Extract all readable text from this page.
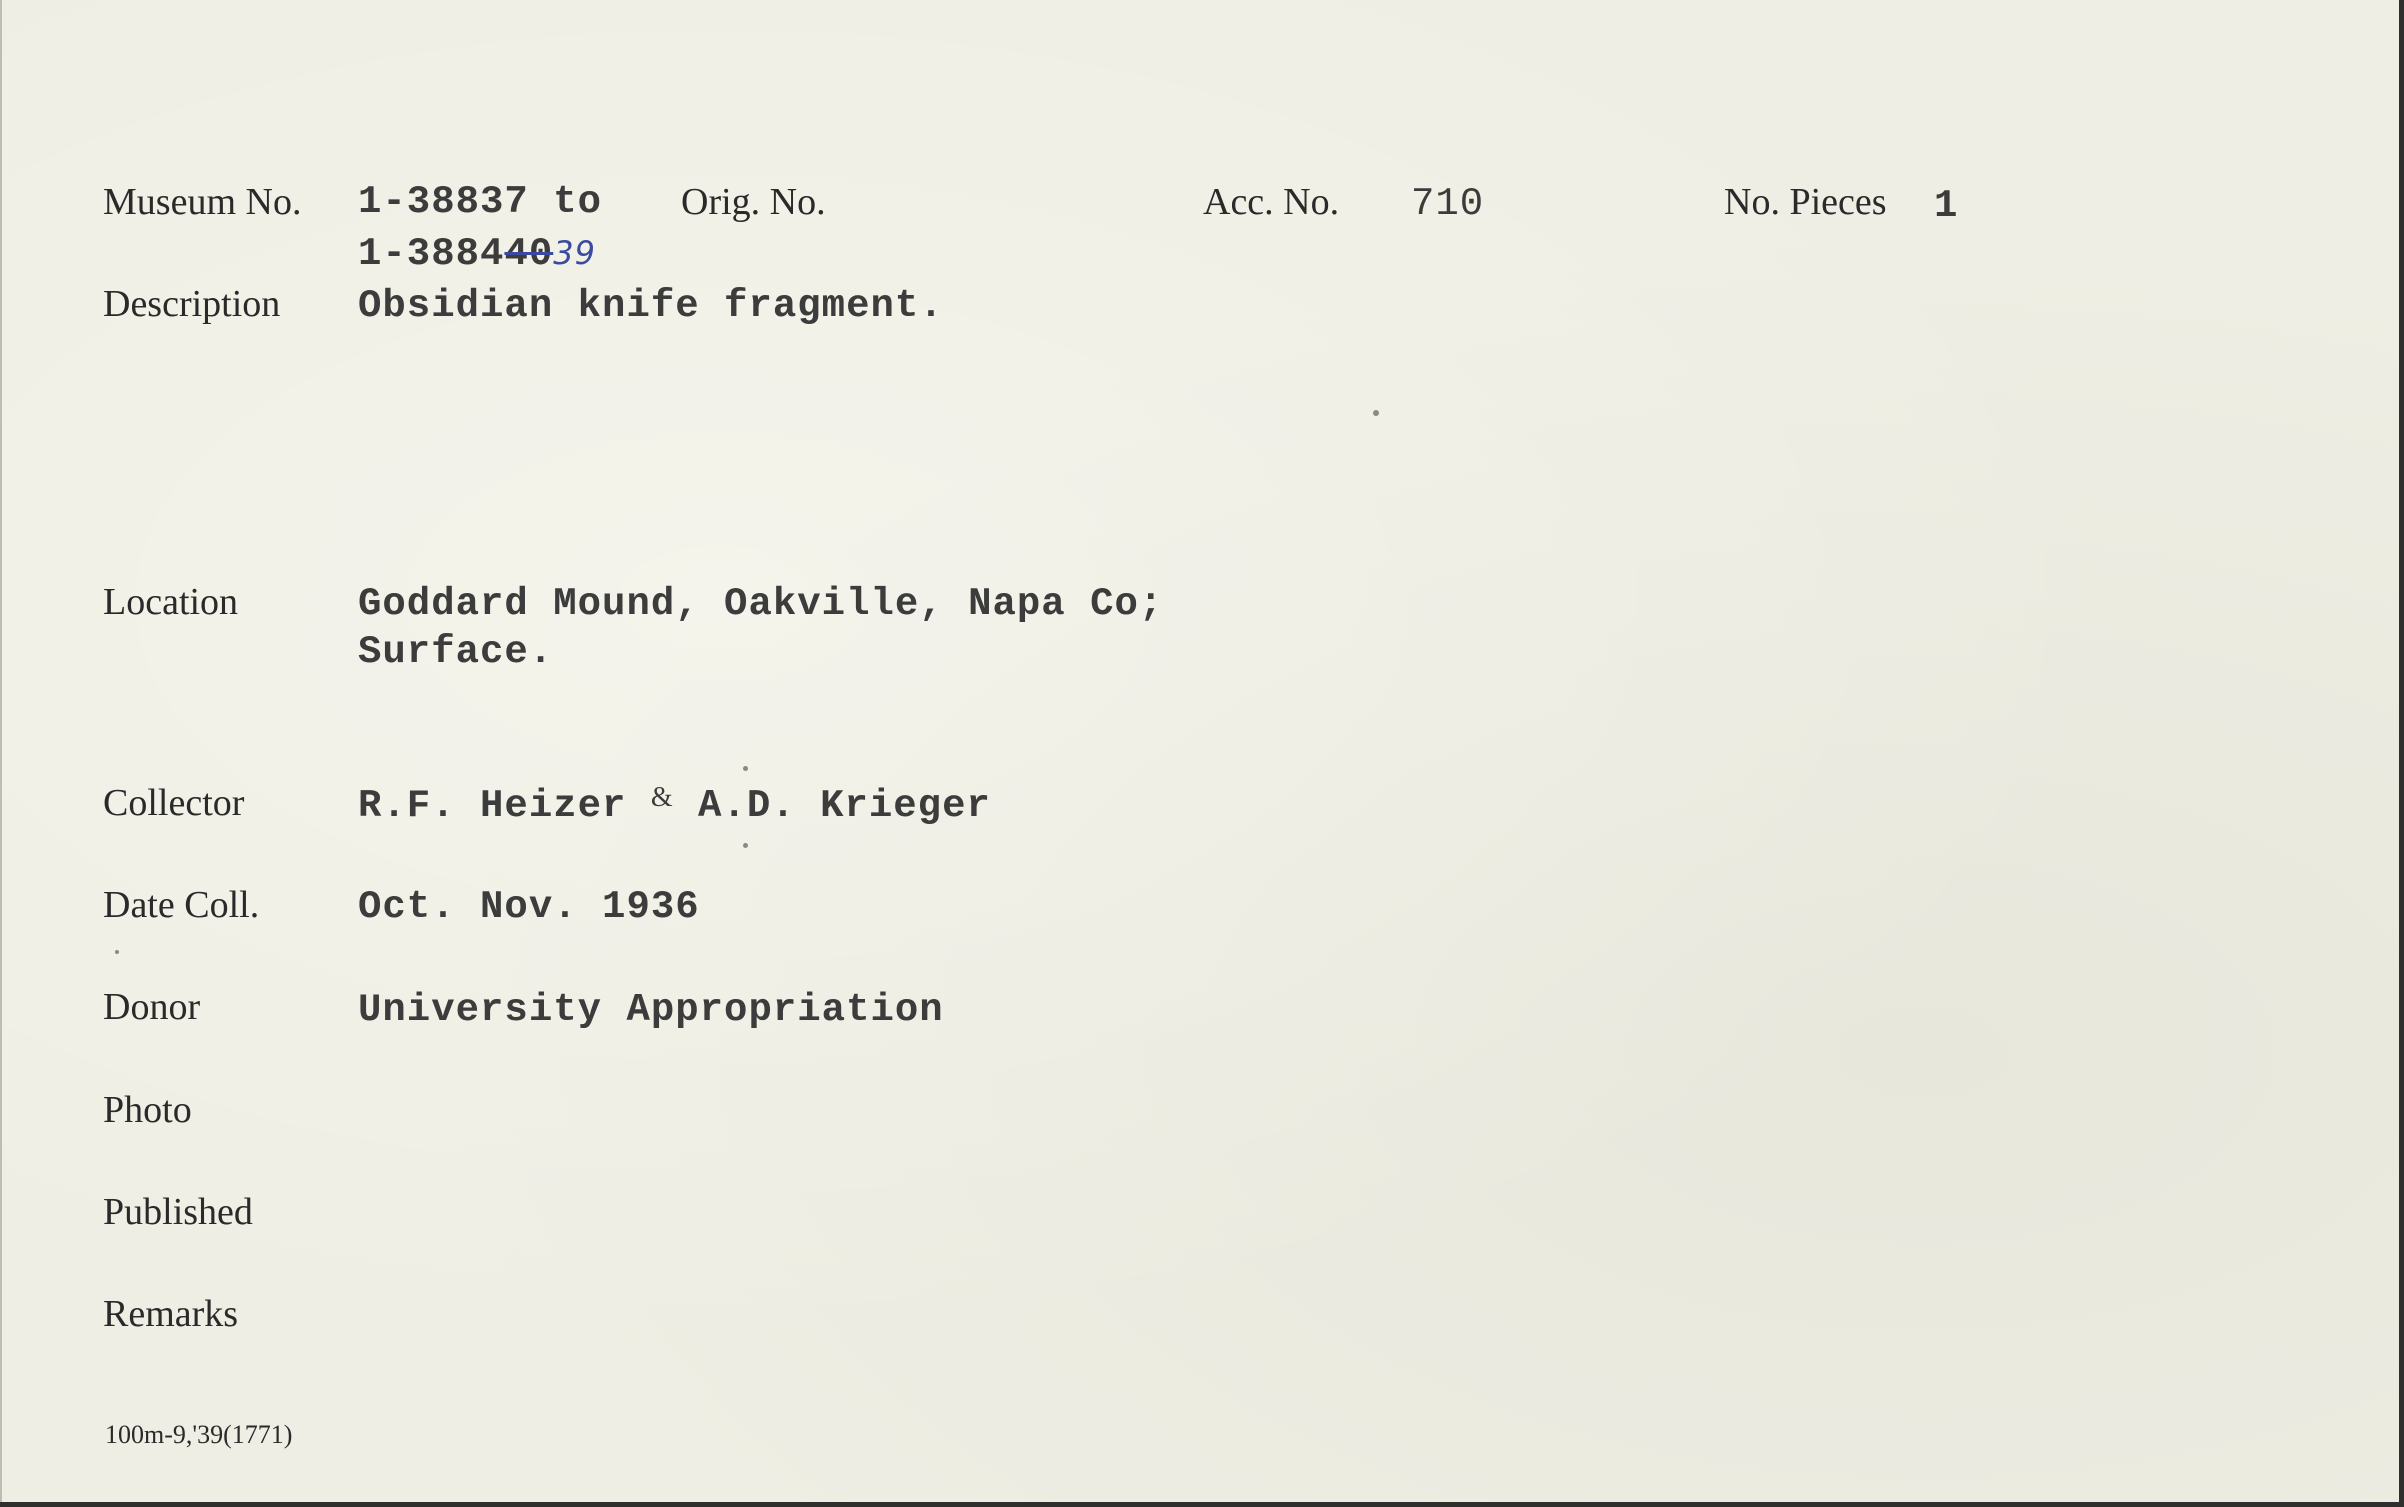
Museum No. 1-38837 to
1-38844039
Orig. No.	Acc. No. 710	No. Pieces 1
Description Obsidian knife fragment.
Location	Goddard Mound, Oakville, Napa Co;
Surface.
Collector	R.F. Heizer & A.D. Krieger
Date Coll.	Oct. Nov. 1936
Donor	University Appropriation
Photo
Published
Remarks
100m-9,'39(1771)
